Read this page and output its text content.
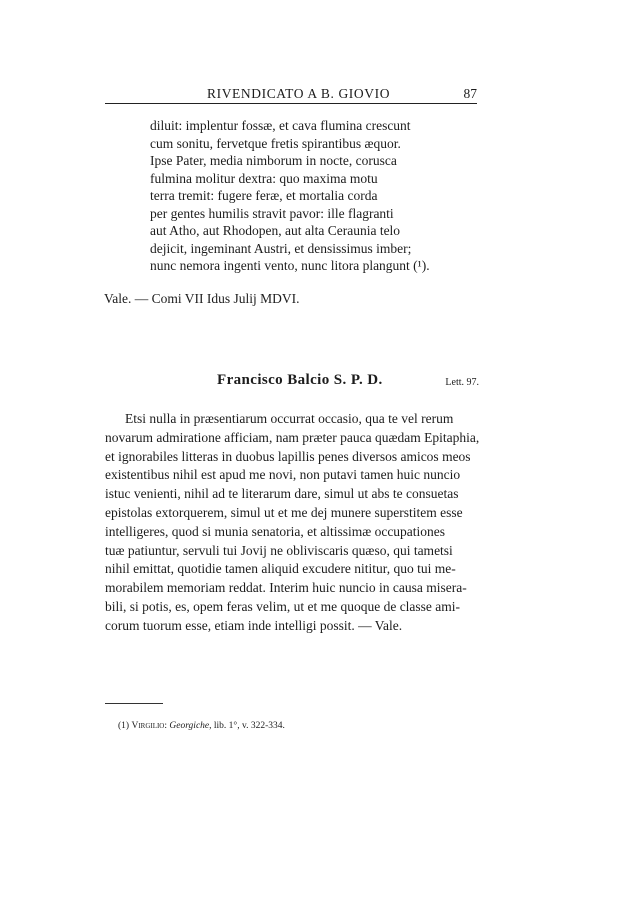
RIVENDICATO A B. GIOVIO	87
diluit: implentur fossæ, et cava flumina crescunt
cum sonitu, fervetque fretis spirantibus æquor.
Ipse Pater, media nimborum in nocte, corusca
fulmina molitur dextra: quo maxima motu
terra tremit: fugere feræ, et mortalia corda
per gentes humilis stravit pavor: ille flagranti
aut Atho, aut Rhodopen, aut alta Ceraunia telo
dejicit, ingeminant Austri, et densissimus imber;
nunc nemora ingenti vento, nunc litora plangunt (¹).
Vale. — Comi VII Idus Julij MDVI.
Francisco Balcio S. P. D.	Lett. 97.
Etsi nulla in præsentiarum occurrat occasio, qua te vel rerum
novarum admiratione afficiam, nam præter pauca quædam Epitaphia,
et ignorabiles litteras in duobus lapillis penes diversos amicos meos
existentibus nihil est apud me novi, non putavi tamen huic nuncio
istuc venienti, nihil ad te literarum dare, simul ut abs te consuetas
epistolas extorquerem, simul ut et me dej munere superstitem esse
intelligeres, quod si munia senatoria, et altissimæ occupationes
tuæ patiuntur, servuli tui Jovij ne obliviscaris quæso, qui tametsi
nihil emittat, quotidie tamen aliquid excudere nititur, quo tui me-
morabilem memoriam reddat. Interim huic nuncio in causa misera-
bili, si potis, es, opem feras velim, ut et me quoque de classe ami-
corum tuorum esse, etiam inde intelligi possit. — Vale.
(1) Virgilio: Georgiche, lib. 1°, v. 322-334.
